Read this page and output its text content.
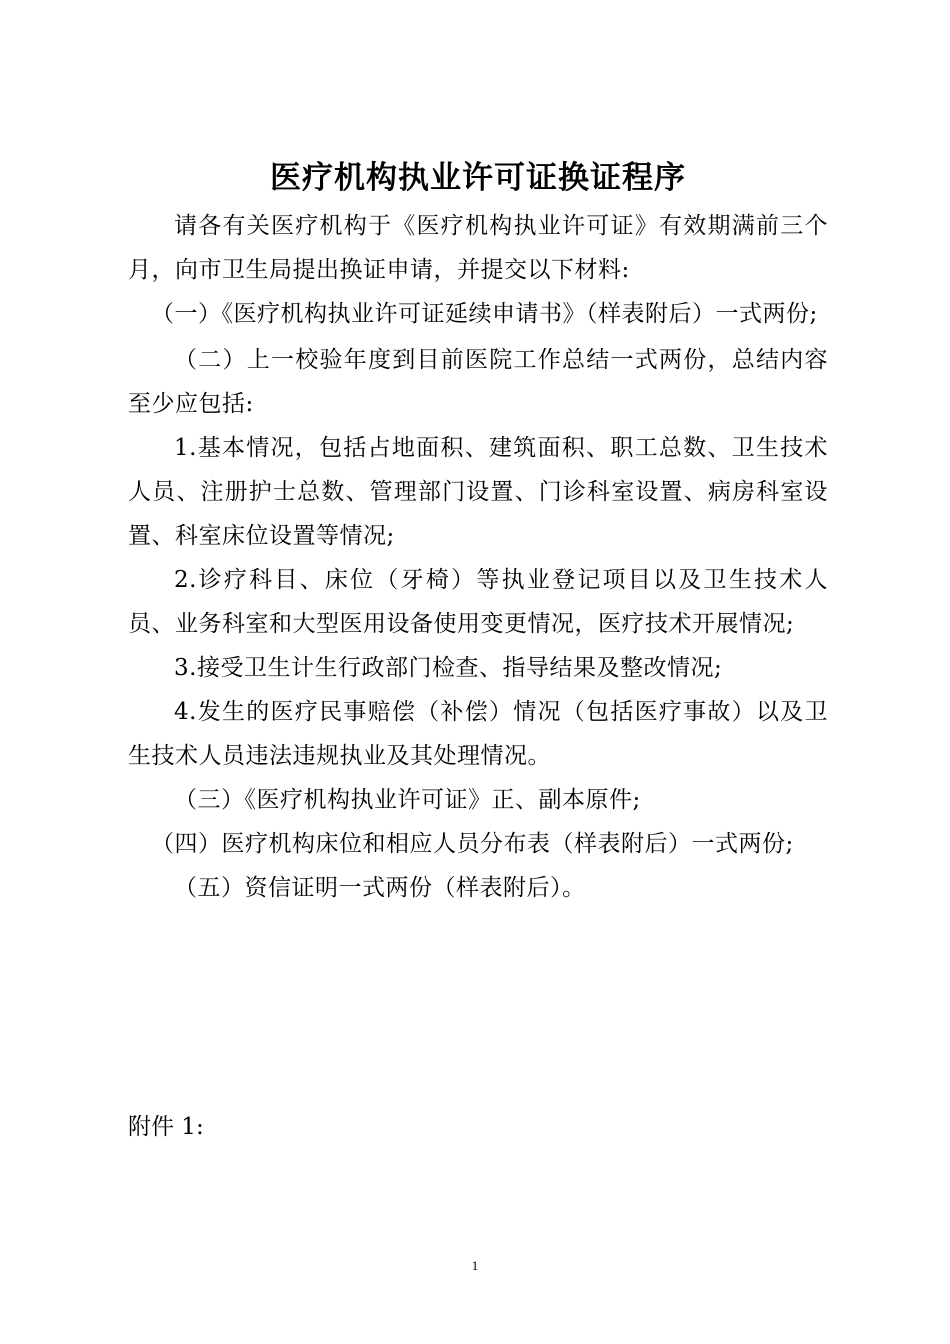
医疗机构执业许可证换证程序

请各有关医疗机构于《医疗机构执业许可证》有效期满前三个月，向市卫生局提出换证申请，并提交以下材料:

（一）《医疗机构执业许可证延续申请书》（样表附后）一式两份;

（二）上一校验年度到目前医院工作总结一式两份，总结内容至少应包括:

1.基本情况，包括占地面积、建筑面积、职工总数、卫生技术人员、注册护士总数、管理部门设置、门诊科室设置、病房科室设置、科室床位设置等情况;

2.诊疗科目、床位（牙椅）等执业登记项目以及卫生技术人员、业务科室和大型医用设备使用变更情况，医疗技术开展情况;

3.接受卫生计生行政部门检查、指导结果及整改情况;

4.发生的医疗民事赔偿（补偿）情况（包括医疗事故）以及卫生技术人员违法违规执业及其处理情况。

（三）《医疗机构执业许可证》正、副本原件;

（四）医疗机构床位和相应人员分布表（样表附后）一式两份;

（五）资信证明一式两份（样表附后）。

附件 1:
1
